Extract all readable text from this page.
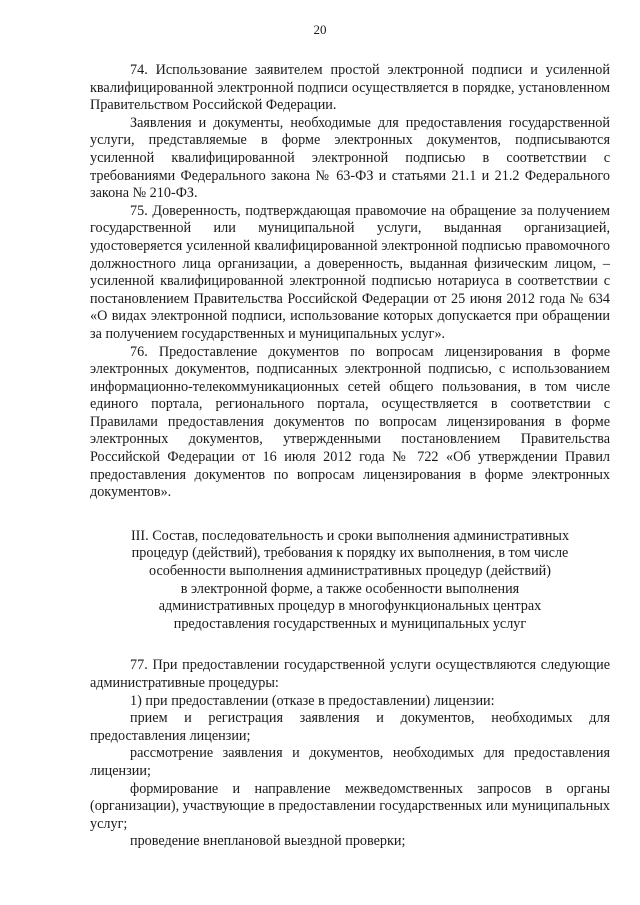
20

74. Использование заявителем простой электронной подписи и усиленной квалифицированной электронной подписи осуществляется в порядке, установленном Правительством Российской Федерации.

Заявления и документы, необходимые для предоставления государственной услуги, представляемые в форме электронных документов, подписываются усиленной квалифицированной электронной подписью в соответствии с требованиями Федерального закона № 63-ФЗ и статьями 21.1 и 21.2 Федерального закона № 210-ФЗ.

75. Доверенность, подтверждающая правомочие на обращение за получением государственной или муниципальной услуги, выданная организацией, удостоверяется усиленной квалифицированной электронной подписью правомочного должностного лица организации, а доверенность, выданная физическим лицом, – усиленной квалифицированной электронной подписью нотариуса в соответствии с постановлением Правительства Российской Федерации от 25 июня 2012 года № 634 «О видах электронной подписи, использование которых допускается при обращении за получением государственных и муниципальных услуг».

76. Предоставление документов по вопросам лицензирования в форме электронных документов, подписанных электронной подписью, с использованием информационно-телекоммуникационных сетей общего пользования, в том числе единого портала, регионального портала, осуществляется в соответствии с Правилами предоставления документов по вопросам лицензирования в форме электронных документов, утвержденными постановлением Правительства Российской Федерации от 16 июля 2012 года № 722 «Об утверждении Правил предоставления документов по вопросам лицензирования в форме электронных документов».

III. Состав, последовательность и сроки выполнения административных
процедур (действий), требования к порядку их выполнения, в том числе
особенности выполнения административных процедур (действий)
в электронной форме, а также особенности выполнения
административных процедур в многофункциональных центрах
предоставления государственных и муниципальных услуг

77. При предоставлении государственной услуги осуществляются следующие административные процедуры:

1) при предоставлении (отказе в предоставлении) лицензии:

прием и регистрация заявления и документов, необходимых для предоставления лицензии;

рассмотрение заявления и документов, необходимых для предоставления лицензии;

формирование и направление межведомственных запросов в органы (организации), участвующие в предоставлении государственных или муниципальных услуг;

проведение внеплановой выездной проверки;
